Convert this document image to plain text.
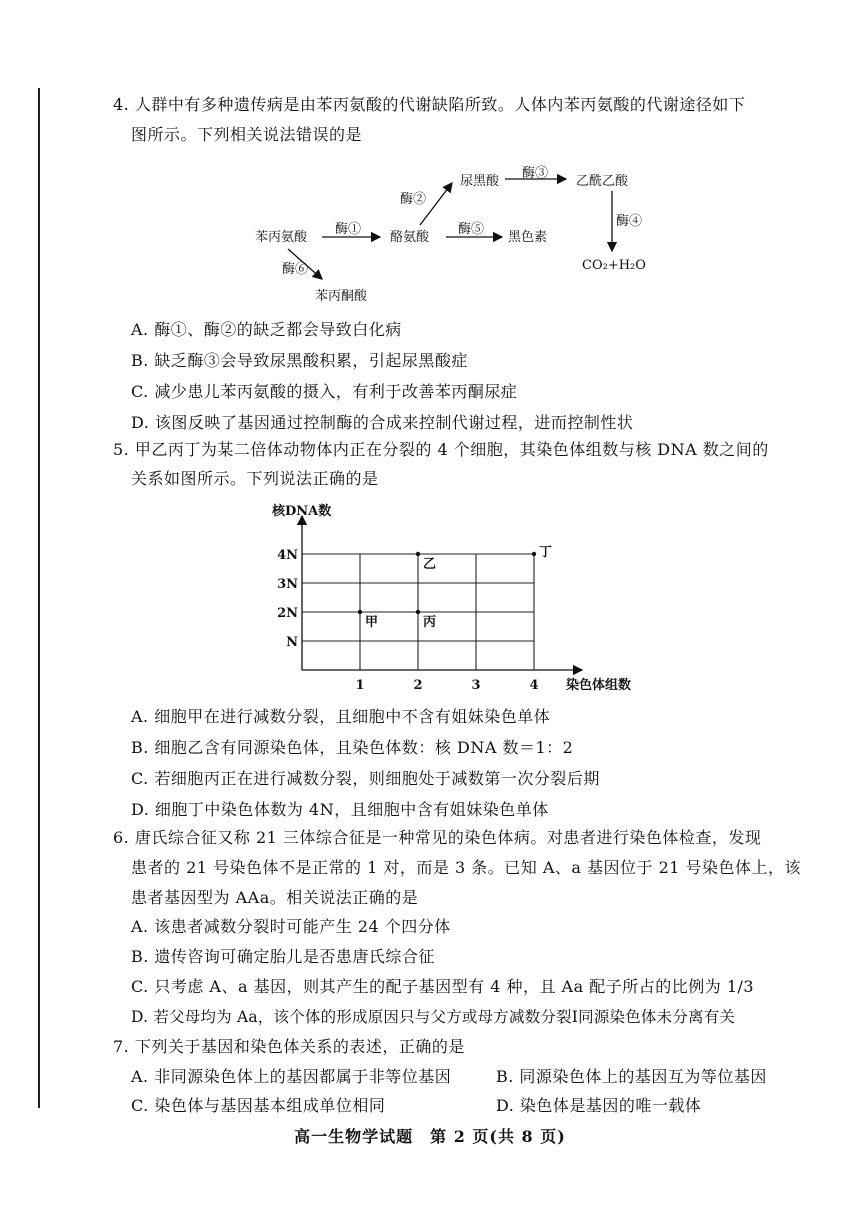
4. 人群中有多种遗传病是由苯丙氨酸的代谢缺陷所致。人体内苯丙氨酸的代谢途径如下
图所示。下列相关说法错误的是
苯丙氨酸	酪氨酸
尿黑酸	乙酰乙酸
黑色素
苯丙酮酸
CO₂+H₂O
酶①
酶②
酶③
酶④
酶⑤
酶⑥
A. 酶①、酶②的缺乏都会导致白化病
B. 缺乏酶③会导致尿黑酸积累，引起尿黑酸症
C. 减少患儿苯丙氨酸的摄入，有利于改善苯丙酮尿症
D. 该图反映了基因通过控制酶的合成来控制代谢过程，进而控制性状
5. 甲乙丙丁为某二倍体动物体内正在分裂的 4 个细胞，其染色体组数与核 DNA 数之间的
关系如图所示。下列说法正确的是
核DNA数
染色体组数
1	2	3	4
N
2N
3N
4N
甲
乙
丙
丁
A. 细胞甲在进行减数分裂，且细胞中不含有姐妹染色单体
B. 细胞乙含有同源染色体，且染色体数：核 DNA 数＝1：2
C. 若细胞丙正在进行减数分裂，则细胞处于减数第一次分裂后期
D. 细胞丁中染色体数为 4N，且细胞中含有姐妹染色单体
6. 唐氏综合征又称 21 三体综合征是一种常见的染色体病。对患者进行染色体检查，发现
患者的 21 号染色体不是正常的 1 对，而是 3 条。已知 A、a 基因位于 21 号染色体上，该
患者基因型为 AAa。相关说法正确的是
A. 该患者减数分裂时可能产生 24 个四分体
B. 遗传咨询可确定胎儿是否患唐氏综合征
C. 只考虑 A、a 基因，则其产生的配子基因型有 4 种，且 Aa 配子所占的比例为 1/3
D. 若父母均为 Aa，该个体的形成原因只与父方或母方减数分裂Ⅰ同源染色体未分离有关
7. 下列关于基因和染色体关系的表述，正确的是
A. 非同源染色体上的基因都属于非等位基因	B. 同源染色体上的基因互为等位基因
C. 染色体与基因基本组成单位相同	D. 染色体是基因的唯一载体
高一生物学试题　第 2 页(共 8 页)
